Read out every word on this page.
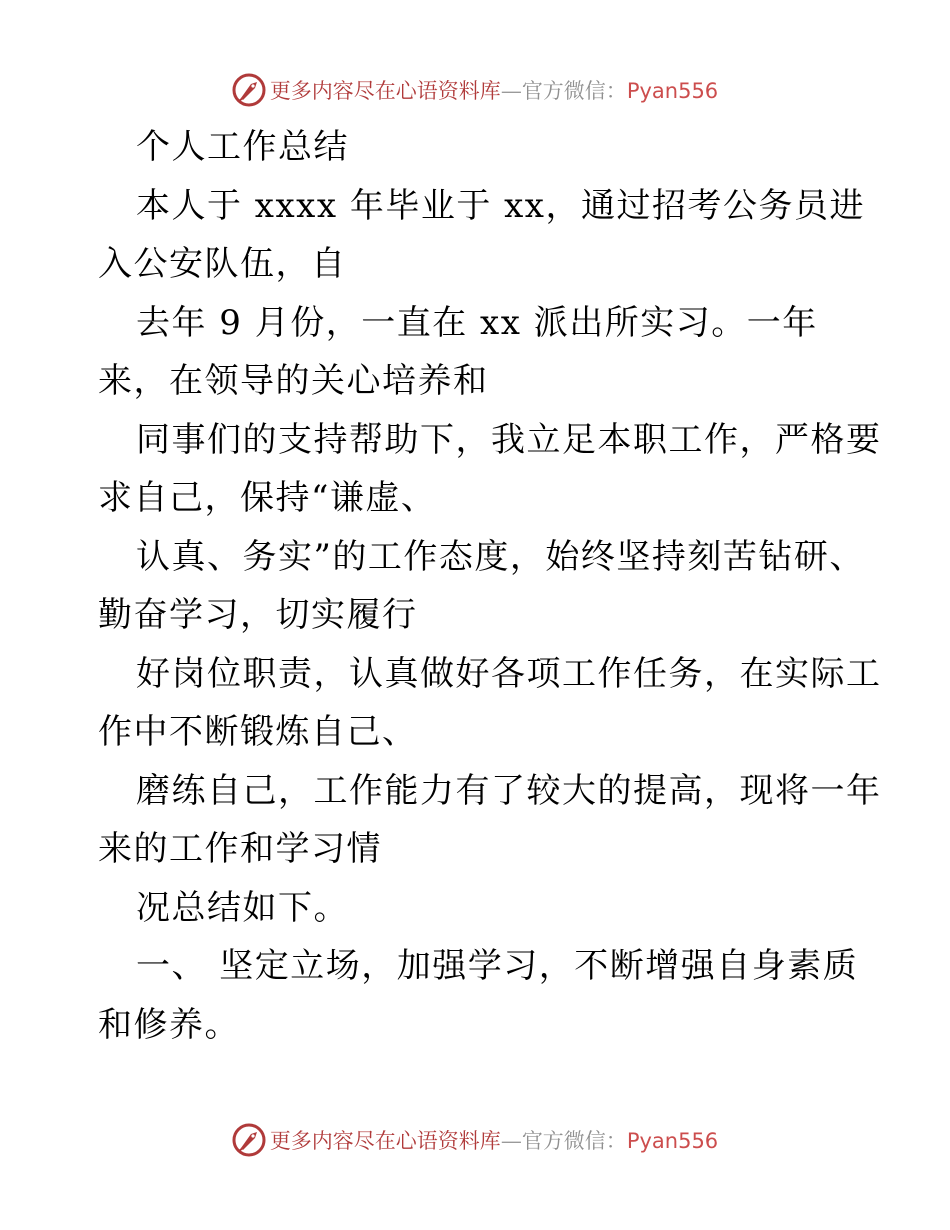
更多内容尽在心语资料库—官方微信：Pyan556
个人工作总结
本人于 xxxx 年毕业于 xx，通过招考公务员进
入公安队伍，自
去年 9 月份，一直在 xx 派出所实习。一年
来，在领导的关心培养和
同事们的支持帮助下，我立足本职工作，严格要
求自己，保持“谦虚、
认真、务实”的工作态度，始终坚持刻苦钻研、
勤奋学习，切实履行
好岗位职责，认真做好各项工作任务，在实际工
作中不断锻炼自己、
磨练自己，工作能力有了较大的提高，现将一年
来的工作和学习情
况总结如下。
一、 坚定立场，加强学习，不断增强自身素质
和修养。
更多内容尽在心语资料库—官方微信：Pyan556
